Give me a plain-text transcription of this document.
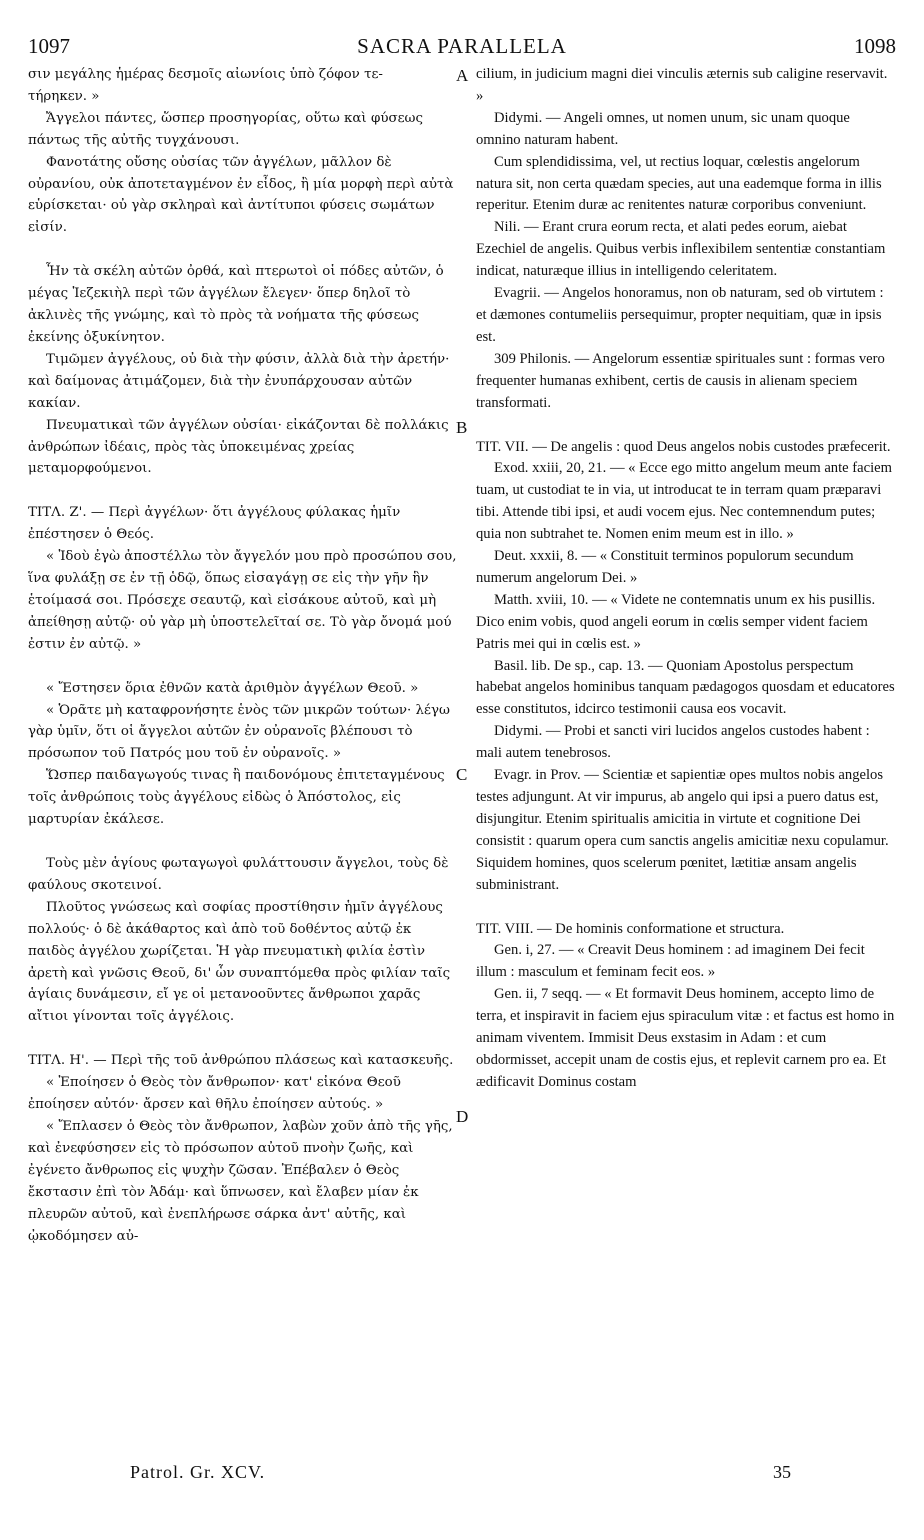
1097	SACRA PARALLELA	1098

σιν μεγάλης ἡμέρας δεσμοῖς αἰωνίοις ὑπὸ ζόφον τε-

τήρηκεν. »

Ἄγγελοι πάντες, ὥσπερ προσηγορίας, οὕτω καὶ φύσεως πάντως τῆς αὐτῆς τυγχάνουσι.

Φανοτάτης οὔσης οὐσίας τῶν ἀγγέλων, μᾶλλον δὲ οὐρανίου, οὐκ ἀποτεταγμένον ἐν εἶδος, ἢ μία μορφὴ περὶ αὐτὰ εὑρίσκεται· οὐ γὰρ σκληραὶ καὶ ἀντίτυποι φύσεις σωμάτων εἰσίν.

Ἦν τὰ σκέλη αὐτῶν ὀρθά, καὶ πτερωτοὶ οἱ πόδες αὐτῶν, ὁ μέγας Ἰεζεκιὴλ περὶ τῶν ἀγγέλων ἔλεγεν· ὅπερ δηλοῖ τὸ ἀκλινὲς τῆς γνώμης, καὶ τὸ πρὸς τὰ νοήματα τῆς φύσεως ἐκείνης ὀξυκίνητον.

Τιμῶμεν ἀγγέλους, οὐ διὰ τὴν φύσιν, ἀλλὰ διὰ τὴν ἀρετήν· καὶ δαίμονας ἀτιμάζομεν, διὰ τὴν ἐνυπάρχουσαν αὐτῶν κακίαν.

Πνευματικαὶ τῶν ἀγγέλων οὐσίαι· εἰκάζονται δὲ πολλάκις ἀνθρώπων ἰδέαις, πρὸς τὰς ὑποκειμένας χρείας μεταμορφούμενοι.

ΤΙΤΛ. Ζ'. — Περὶ ἀγγέλων· ὅτι ἀγγέλους φύλακας ἡμῖν ἐπέστησεν ὁ Θεός.

« Ἰδοὺ ἐγὼ ἀποστέλλω τὸν ἄγγελόν μου πρὸ προσώπου σου, ἵνα φυλάξῃ σε ἐν τῇ ὁδῷ, ὅπως εἰσαγάγῃ σε εἰς τὴν γῆν ἣν ἑτοίμασά σοι. Πρόσεχε σεαυτῷ, καὶ εἰσάκουε αὐτοῦ, καὶ μὴ ἀπείθησῃ αὐτῷ· οὐ γὰρ μὴ ὑποστελεῖταί σε. Τὸ γὰρ ὄνομά μού ἐστιν ἐν αὐτῷ. »

« Ἔστησεν ὅρια ἐθνῶν κατὰ ἀριθμὸν ἀγγέλων Θεοῦ. »

« Ὁρᾶτε μὴ καταφρονήσητε ἑνὸς τῶν μικρῶν τούτων· λέγω γὰρ ὑμῖν, ὅτι οἱ ἄγγελοι αὐτῶν ἐν οὐρανοῖς βλέπουσι τὸ πρόσωπον τοῦ Πατρός μου τοῦ ἐν οὐρανοῖς. »

Ὥσπερ παιδαγωγούς τινας ἢ παιδονόμους ἐπιτεταγμένους τοῖς ἀνθρώποις τοὺς ἀγγέλους εἰδὼς ὁ Ἀπόστολος, εἰς μαρτυρίαν ἐκάλεσε.

Τοὺς μὲν ἁγίους φωταγωγοὶ φυλάττουσιν ἄγγελοι, τοὺς δὲ φαύλους σκοτεινοί.

Πλοῦτος γνώσεως καὶ σοφίας προστίθησιν ἡμῖν ἀγγέλους πολλούς· ὁ δὲ ἀκάθαρτος καὶ ἀπὸ τοῦ δοθέντος αὐτῷ ἐκ παιδὸς ἀγγέλου χωρίζεται. Ἡ γὰρ πνευματικὴ φιλία ἐστὶν ἀρετὴ καὶ γνῶσις Θεοῦ, δι' ὧν συναπτόμεθα πρὸς φιλίαν ταῖς ἁγίαις δυνάμεσιν, εἴ γε οἱ μετανοοῦντες ἄνθρωποι χαρᾶς αἴτιοι γίνονται τοῖς ἀγγέλοις.

ΤΙΤΛ. Η'. — Περὶ τῆς τοῦ ἀνθρώπου πλάσεως καὶ κατασκευῆς.

« Ἐποίησεν ὁ Θεὸς τὸν ἄνθρωπον· κατ' εἰκόνα Θεοῦ ἐποίησεν αὐτόν· ἄρσεν καὶ θῆλυ ἐποίησεν αὐτούς. »

« Ἔπλασεν ὁ Θεὸς τὸν ἄνθρωπον, λαβὼν χοῦν ἀπὸ τῆς γῆς, καὶ ἐνεφύσησεν εἰς τὸ πρόσωπον αὐτοῦ πνοὴν ζωῆς, καὶ ἐγένετο ἄνθρωπος εἰς ψυχὴν ζῶσαν. Ἐπέβαλεν ὁ Θεὸς ἔκστασιν ἐπὶ τὸν Ἀδάμ· καὶ ὕπνωσεν, καὶ ἔλαβεν μίαν ἐκ πλευρῶν αὐτοῦ, καὶ ἐνεπλήρωσε σάρκα ἀντ' αὐτῆς, καὶ ᾠκοδόμησεν αὐ-

cilium, in judicium magni diei vinculis æternis sub caligine reservavit. »

Didymi. — Angeli omnes, ut nomen unum, sic unam quoque omnino naturam habent.

Cum splendidissima, vel, ut rectius loquar, cœlestis angelorum natura sit, non certa quædam species, aut una eademque forma in illis reperitur. Etenim duræ ac renitentes naturæ corporibus conveniunt.

Nili. — Erant crura eorum recta, et alati pedes eorum, aiebat Ezechiel de angelis. Quibus verbis inflexibilem sententiæ constantiam indicat, naturæque illius in intelligendo celeritatem.

Evagrii. — Angelos honoramus, non ob naturam, sed ob virtutem : et dæmones contumeliis persequimur, propter nequitiam, quæ in ipsis est.

309 Philonis. — Angelorum essentiæ spirituales sunt : formas vero frequenter humanas exhibent, certis de causis in alienam speciem transformati.

TIT. VII. — De angelis : quod Deus angelos nobis custodes præfecerit.

Exod. xxiii, 20, 21. — « Ecce ego mitto angelum meum ante faciem tuam, ut custodiat te in via, ut introducat te in terram quam præparavi tibi. Attende tibi ipsi, et audi vocem ejus. Nec contemnendum putes; quia non subtrahet te. Nomen enim meum est in illo. »

Deut. xxxii, 8. — « Constituit terminos populorum secundum numerum angelorum Dei. »

Matth. xviii, 10. — « Videte ne contemnatis unum ex his pusillis. Dico enim vobis, quod angeli eorum in cœlis semper vident faciem Patris mei qui in cœlis est. »

Basil. lib. De sp., cap. 13. — Quoniam Apostolus perspectum habebat angelos hominibus tanquam pædagogos quosdam et educatores esse constitutos, idcirco testimonii causa eos vocavit.

Didymi. — Probi et sancti viri lucidos angelos custodes habent : mali autem tenebrosos.

Evagr. in Prov. — Scientiæ et sapientiæ opes multos nobis angelos testes adjungunt. At vir impurus, ab angelo qui ipsi a puero datus est, disjungitur. Etenim spiritualis amicitia in virtute et cognitione Dei consistit : quarum opera cum sanctis angelis amicitiæ nexu copulamur. Siquidem homines, quos scelerum pœnitet, lætitiæ ansam angelis subministrant.

TIT. VIII. — De hominis conformatione et structura.

Gen. i, 27. — « Creavit Deus hominem : ad imaginem Dei fecit illum : masculum et feminam fecit eos. »

Gen. ii, 7 seqq. — « Et formavit Deus hominem, accepto limo de terra, et inspiravit in faciem ejus spiraculum vitæ : et factus est homo in animam viventem. Immisit Deus exstasim in Adam : et cum obdormisset, accepit unam de costis ejus, et replevit carnem pro ea. Et ædificavit Dominus costam

A
B
C
D
Patrol. Gr. XCV.	35
